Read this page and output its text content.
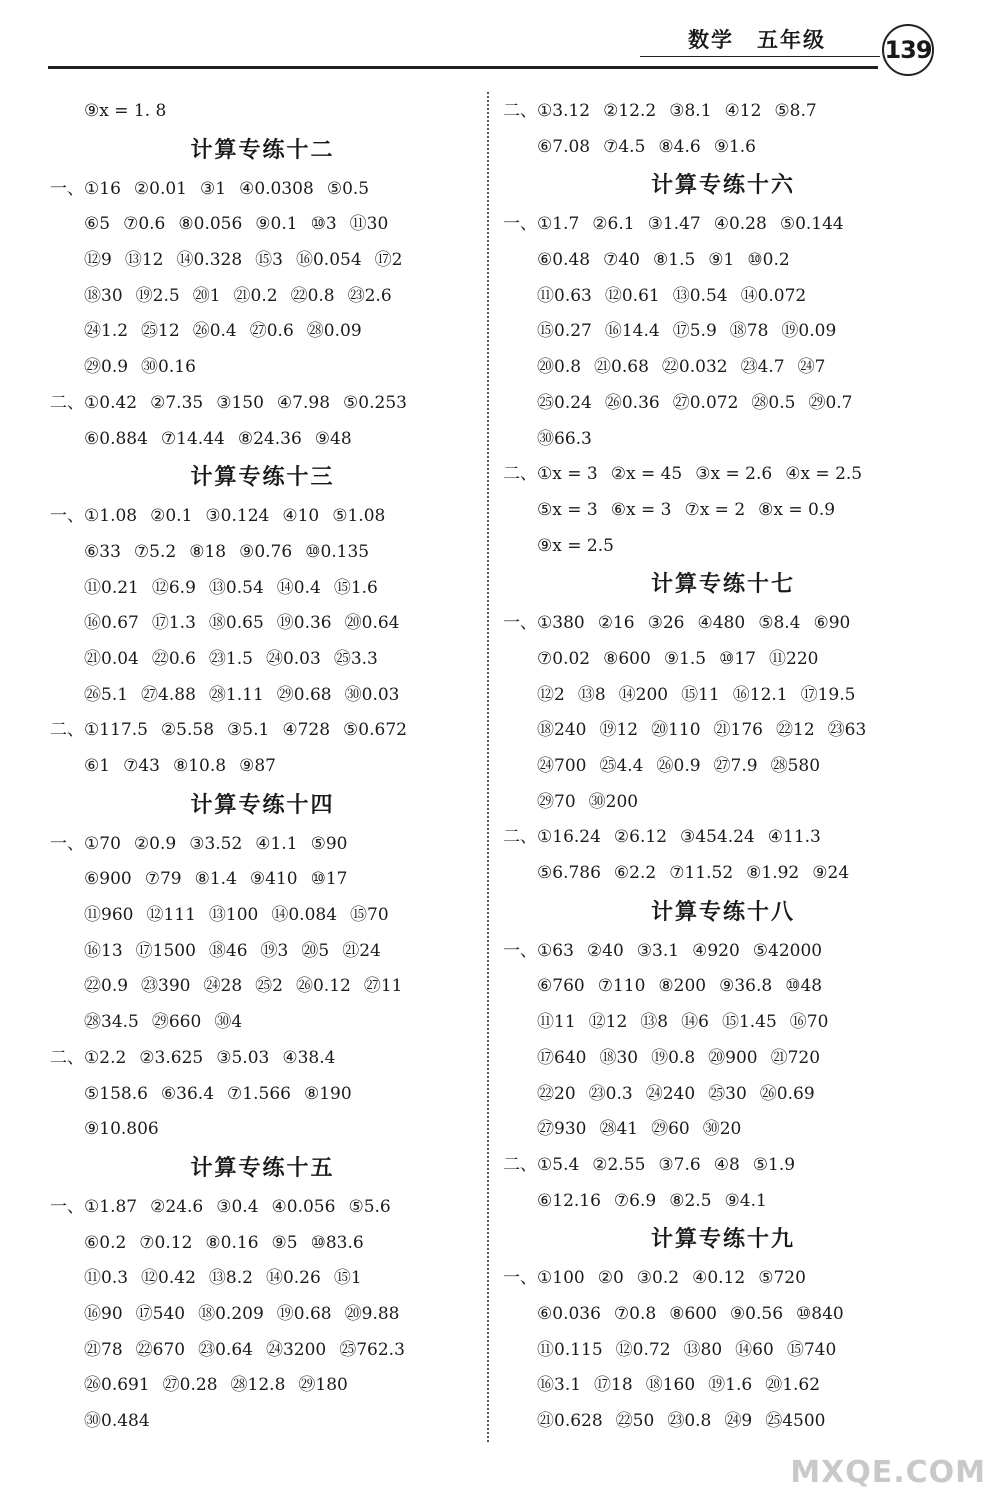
数学　五年级 139
⑨x = 1. 8
计算专练十二
一、 ①16 ②0.01 ③1 ④0.0308 ⑤0.5
⑥5 ⑦0.6 ⑧0.056 ⑨0.1 ⑩3 ⑪30
⑫9 ⑬12 ⑭0.328 ⑮3 ⑯0.054 ⑰2
⑱30 ⑲2.5 ⑳1 ㉑0.2 ㉒0.8 ㉓2.6
㉔1.2 ㉕12 ㉖0.4 ㉗0.6 ㉘0.09
㉙0.9 ㉚0.16
二、 ①0.42 ②7.35 ③150 ④7.98 ⑤0.253
⑥0.884 ⑦14.44 ⑧24.36 ⑨48
计算专练十三
一、 ①1.08 ②0.1 ③0.124 ④10 ⑤1.08
⑥33 ⑦5.2 ⑧18 ⑨0.76 ⑩0.135
⑪0.21 ⑫6.9 ⑬0.54 ⑭0.4 ⑮1.6
⑯0.67 ⑰1.3 ⑱0.65 ⑲0.36 ⑳0.64
㉑0.04 ㉒0.6 ㉓1.5 ㉔0.03 ㉕3.3
㉖5.1 ㉗4.88 ㉘1.11 ㉙0.68 ㉚0.03
二、 ①117.5 ②5.58 ③5.1 ④728 ⑤0.672
⑥1 ⑦43 ⑧10.8 ⑨87
计算专练十四
一、 ①70 ②0.9 ③3.52 ④1.1 ⑤90
⑥900 ⑦79 ⑧1.4 ⑨410 ⑩17
⑪960 ⑫111 ⑬100 ⑭0.084 ⑮70
⑯13 ⑰1500 ⑱46 ⑲3 ⑳5 ㉑24
㉒0.9 ㉓390 ㉔28 ㉕2 ㉖0.12 ㉗11
㉘34.5 ㉙660 ㉚4
二、 ①2.2 ②3.625 ③5.03 ④38.4
⑤158.6 ⑥36.4 ⑦1.566 ⑧190
⑨10.806
计算专练十五
一、 ①1.87 ②24.6 ③0.4 ④0.056 ⑤5.6
⑥0.2 ⑦0.12 ⑧0.16 ⑨5 ⑩83.6
⑪0.3 ⑫0.42 ⑬8.2 ⑭0.26 ⑮1
⑯90 ⑰540 ⑱0.209 ⑲0.68 ⑳9.88
㉑78 ㉒670 ㉓0.64 ㉔3200 ㉕762.3
㉖0.691 ㉗0.28 ㉘12.8 ㉙180
㉚0.484
二、 ①3.12 ②12.2 ③8.1 ④12 ⑤8.7
⑥7.08 ⑦4.5 ⑧4.6 ⑨1.6
计算专练十六
一、 ①1.7 ②6.1 ③1.47 ④0.28 ⑤0.144
⑥0.48 ⑦40 ⑧1.5 ⑨1 ⑩0.2
⑪0.63 ⑫0.61 ⑬0.54 ⑭0.072
⑮0.27 ⑯14.4 ⑰5.9 ⑱78 ⑲0.09
⑳0.8 ㉑0.68 ㉒0.032 ㉓4.7 ㉔7
㉕0.24 ㉖0.36 ㉗0.072 ㉘0.5 ㉙0.7
㉚66.3
二、 ①x = 3 ②x = 45 ③x = 2.6 ④x = 2.5
⑤x = 3 ⑥x = 3 ⑦x = 2 ⑧x = 0.9
⑨x = 2.5
计算专练十七
一、 ①380 ②16 ③26 ④480 ⑤8.4 ⑥90
⑦0.02 ⑧600 ⑨1.5 ⑩17 ⑪220
⑫2 ⑬8 ⑭200 ⑮11 ⑯12.1 ⑰19.5
⑱240 ⑲12 ⑳110 ㉑176 ㉒12 ㉓63
㉔700 ㉕4.4 ㉖0.9 ㉗7.9 ㉘580
㉙70 ㉚200
二、 ①16.24 ②6.12 ③454.24 ④11.3
⑤6.786 ⑥2.2 ⑦11.52 ⑧1.92 ⑨24
计算专练十八
一、 ①63 ②40 ③3.1 ④920 ⑤42000
⑥760 ⑦110 ⑧200 ⑨36.8 ⑩48
⑪11 ⑫12 ⑬8 ⑭6 ⑮1.45 ⑯70
⑰640 ⑱30 ⑲0.8 ⑳900 ㉑720
㉒20 ㉓0.3 ㉔240 ㉕30 ㉖0.69
㉗930 ㉘41 ㉙60 ㉚20
二、 ①5.4 ②2.55 ③7.6 ④8 ⑤1.9
⑥12.16 ⑦6.9 ⑧2.5 ⑨4.1
计算专练十九
一、 ①100 ②0 ③0.2 ④0.12 ⑤720
⑥0.036 ⑦0.8 ⑧600 ⑨0.56 ⑩840
⑪0.115 ⑫0.72 ⑬80 ⑭60 ⑮740
⑯3.1 ⑰18 ⑱160 ⑲1.6 ⑳1.62
㉑0.628 ㉒50 ㉓0.8 ㉔9 ㉕4500
MXQE.COM
